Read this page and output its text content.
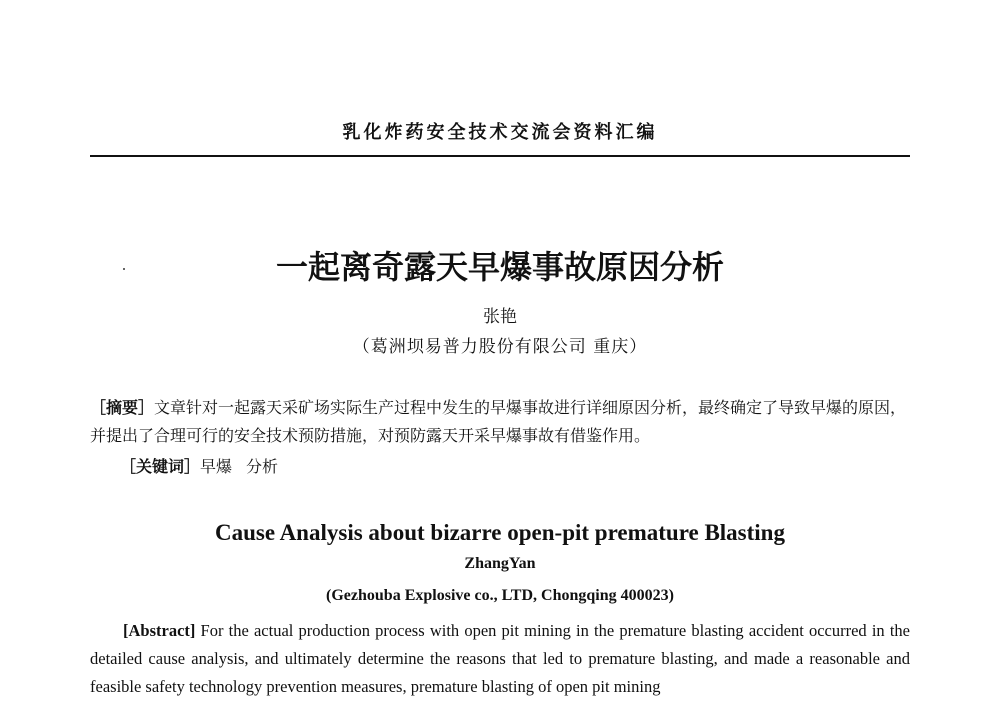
乳化炸药安全技术交流会资料汇编
一起离奇露天早爆事故原因分析
张艳
（葛洲坝易普力股份有限公司 重庆）
［摘要］文章针对一起露天采矿场实际生产过程中发生的早爆事故进行详细原因分析，最终确定了导致早爆的原因，并提出了合理可行的安全技术预防措施，对预防露天开采早爆事故有借鉴作用。
［关键词］早爆 分析
Cause Analysis about bizarre open-pit premature Blasting
ZhangYan
(Gezhouba Explosive co., LTD, Chongqing 400023)
[Abstract] For the actual production process with open pit mining in the premature blasting accident occurred in the detailed cause analysis, and ultimately determine the reasons that led to premature blasting, and made a reasonable and feasible safety technology prevention measures, premature blasting of open pit mining
